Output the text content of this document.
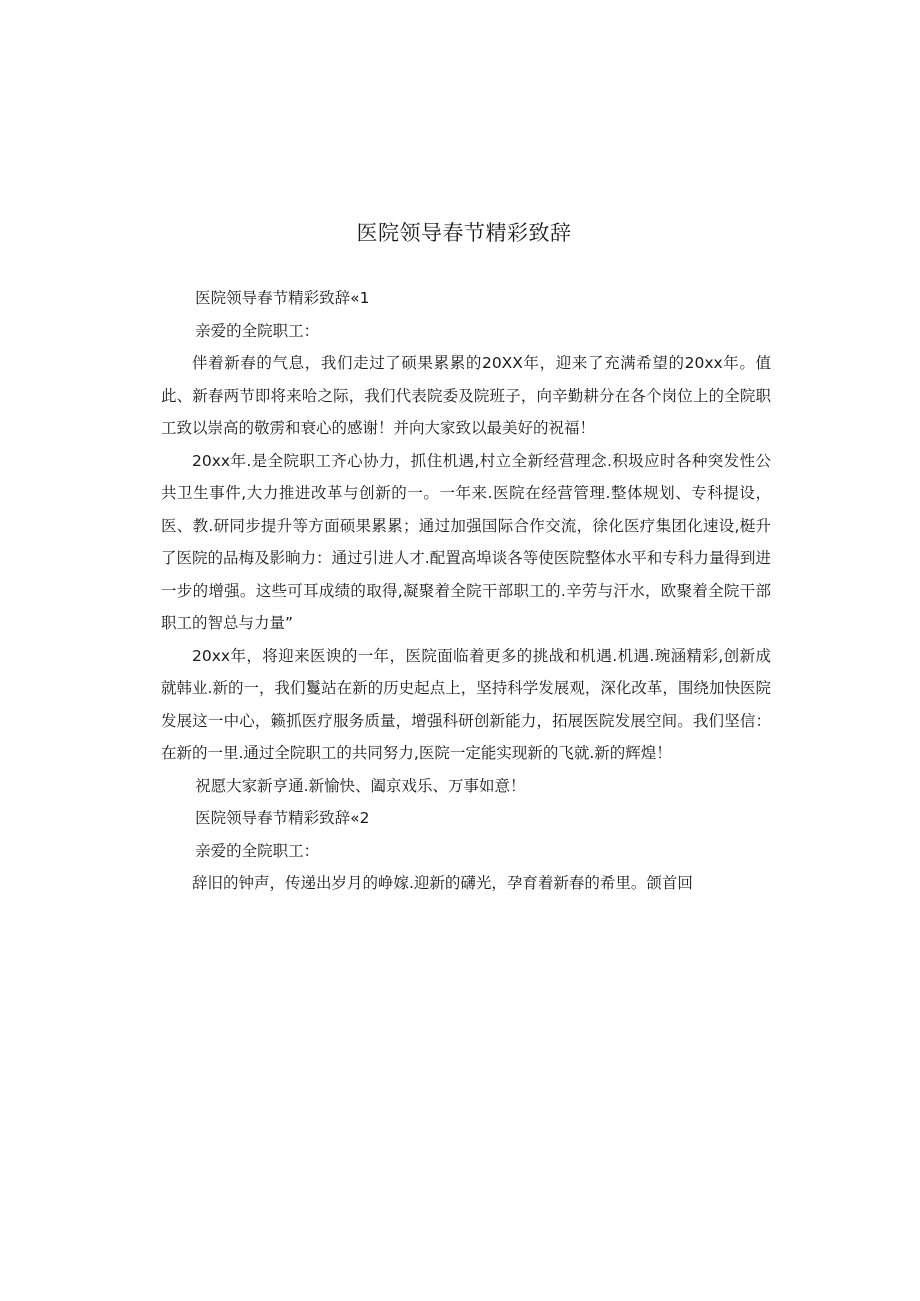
医院领导春节精彩致辞

医院领导春节精彩致辞«1

亲爱的全院职工：

伴着新春的气息，我们走过了硕果累累的20XX年，迎来了充满希望的20xx年。值此、新春两节即将来哈之际，我们代表院委及院班子，向辛勤耕分在各个岗位上的全院职工致以崇高的敬雳和衰心的感谢！并向大家致以最美好的祝福！

20xx年.是全院职工齐心协力，抓住机遇,村立全新经营理念.积圾应时各种突发性公共卫生事件,大力推进改革与创新的一。一年来.医院在经营管理.整体规划、专科提设，医、教.研同步提升等方面硕果累累；通过加强国际合作交流，徐化医疗集团化速设,梃升了医院的品梅及影晌力：通过引进人才.配置高埠谈各等使医院整体水平和专科力量得到进一步的增强。这些可耳成绩的取得,凝聚着全院干部职工的.辛劳与汗水，欧聚着全院干部职工的智总与力量”

20xx年，将迎来医谀的一年，医院面临着更多的挑战和机遇.机遇.琬涵精彩,创新成就韩业.新的一，我们鬘站在新的历史起点上，坚持科学发展观，深化改革，围绕加快医院发展这一中心，籁抓医疗服务质量，增强科研创新能力，拓展医院发展空间。我们坚信：在新的一里.通过全院职工的共同努力,医院一定能实现新的飞就.新的辉煌！

祝愿大家新亨通.新愉快、阖京戏乐、万事如意！

医院领导春节精彩致辞«2

亲爱的全院职工：

辞旧的钟声，传递出岁月的峥嫁.迎新的礴光，孕育着新春的希里。颌首回
